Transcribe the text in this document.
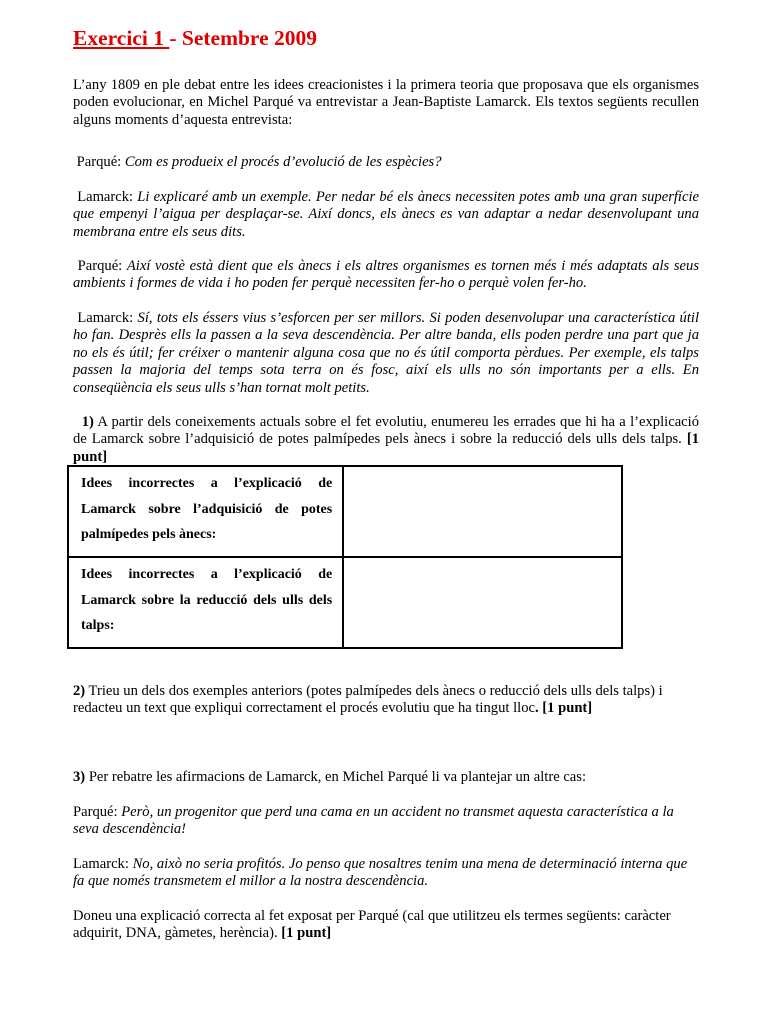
Exercici 1 - Setembre 2009

L’any 1809 en ple debat entre les idees creacionistes i la primera teoria que proposava que els organismes poden evolucionar, en Michel Parqué va entrevistar a Jean-Baptiste Lamarck. Els textos següents recullen alguns moments d’aquesta entrevista:

Parqué: Com es produeix el procés d’evolució de les espècies?

Lamarck: Li explicaré amb un exemple. Per nedar bé els ànecs necessiten potes amb una gran superfície que empenyi l’aigua per desplaçar-se. Així doncs, els ànecs es van adaptar a nedar desenvolupant una membrana entre els seus dits.

Parqué: Així vostè està dient que els ànecs i els altres organismes es tornen més i més adaptats als seus ambients i formes de vida i ho poden fer perquè necessiten fer-ho o perquè volen fer-ho.

Lamarck: Sí, tots els éssers vius s’esforcen per ser millors. Si poden desenvolupar una característica útil ho fan. Desprès ells la passen a la seva descendència. Per altre banda, ells poden perdre una part que ja no els és útil; fer créixer o mantenir alguna cosa que no és útil comporta pèrdues. Per exemple, els talps passen la majoria del temps sota terra on és fosc, així els ulls no són importants per a ells. En conseqüència els seus ulls s’han tornat molt petits.

1) A partir dels coneixements actuals sobre el fet evolutiu, enumereu les errades que hi ha a l’explicació de Lamarck sobre l’adquisició de potes palmípedes pels ànecs i sobre la reducció dels ulls dels talps. [1 punt]

Idees incorrectes a l’explicació de Lamarck sobre l’adquisició de potes palmípedes pels ànecs:	
Idees incorrectes a l’explicació de Lamarck sobre la reducció dels ulls dels talps:	

2) Trieu un dels dos exemples anteriors (potes palmípedes dels ànecs o reducció dels ulls dels talps) i redacteu un text que expliqui correctament el procés evolutiu que ha tingut lloc. [1 punt]

3) Per rebatre les afirmacions de Lamarck, en Michel Parqué li va plantejar un altre cas:

Parqué: Però, un progenitor que perd una cama en un accident no transmet aquesta característica a la seva descendència!

Lamarck: No, això no seria profitós. Jo penso que nosaltres tenim una mena de determinació interna que fa que només transmetem el millor a la nostra descendència.

Doneu una explicació correcta al fet exposat per Parqué (cal que utilitzeu els termes següents: caràcter adquirit, DNA, gàmetes, herència). [1 punt]
